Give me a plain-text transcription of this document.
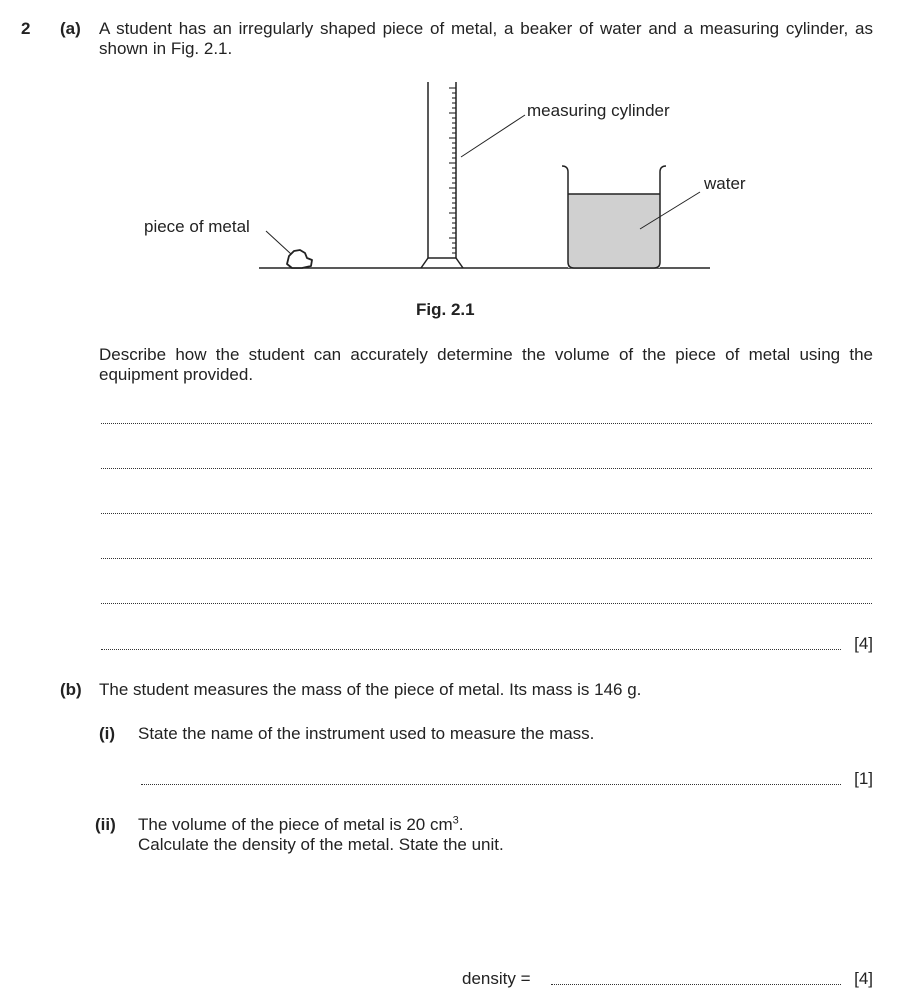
2 (a) A student has an irregularly shaped piece of metal, a beaker of water and a measuring cylinder, as shown in Fig. 2.1.
measuring cylinder
water
piece of metal
Fig. 2.1
Describe how the student can accurately determine the volume of the piece of metal using the equipment provided.
[4]
(b) The student measures the mass of the piece of metal. Its mass is 146 g.
(i) State the name of the instrument used to measure the mass.
[1]
(ii) The volume of the piece of metal is 20 $cm^3$.
Calculate the density of the metal. State the unit.
density =	[4]
